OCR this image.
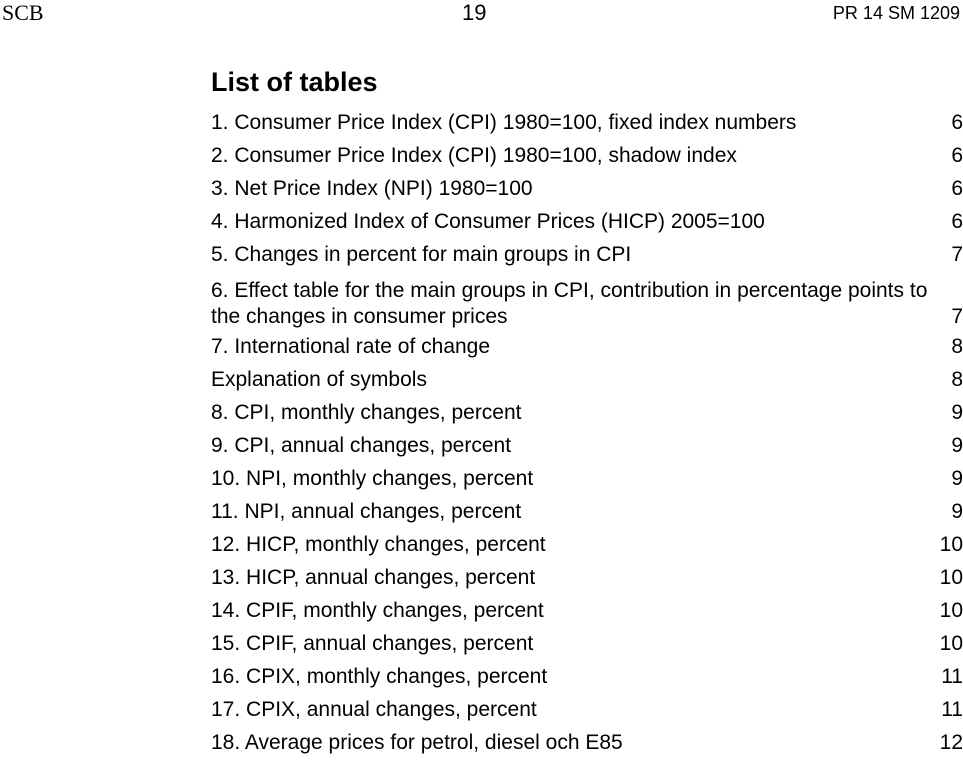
SCB	19	PR 14 SM 1209
List of tables
1. Consumer Price Index (CPI) 1980=100, fixed index numbers	6
2. Consumer Price Index (CPI) 1980=100, shadow index	6
3. Net Price Index (NPI) 1980=100	6
4. Harmonized Index of Consumer Prices (HICP) 2005=100	6
5. Changes in percent for main groups in CPI	7
6. Effect table for the main groups in CPI, contribution in percentage points to the changes in consumer prices	7
7. International rate of change	8
Explanation of symbols	8
8. CPI, monthly changes, percent	9
9. CPI, annual changes, percent	9
10. NPI, monthly changes, percent	9
11. NPI, annual changes, percent	9
12. HICP, monthly changes, percent	10
13. HICP, annual changes, percent	10
14. CPIF, monthly changes, percent	10
15. CPIF, annual changes, percent	10
16. CPIX, monthly changes, percent	11
17. CPIX, annual changes, percent	11
18. Average prices for petrol, diesel och E85	12
